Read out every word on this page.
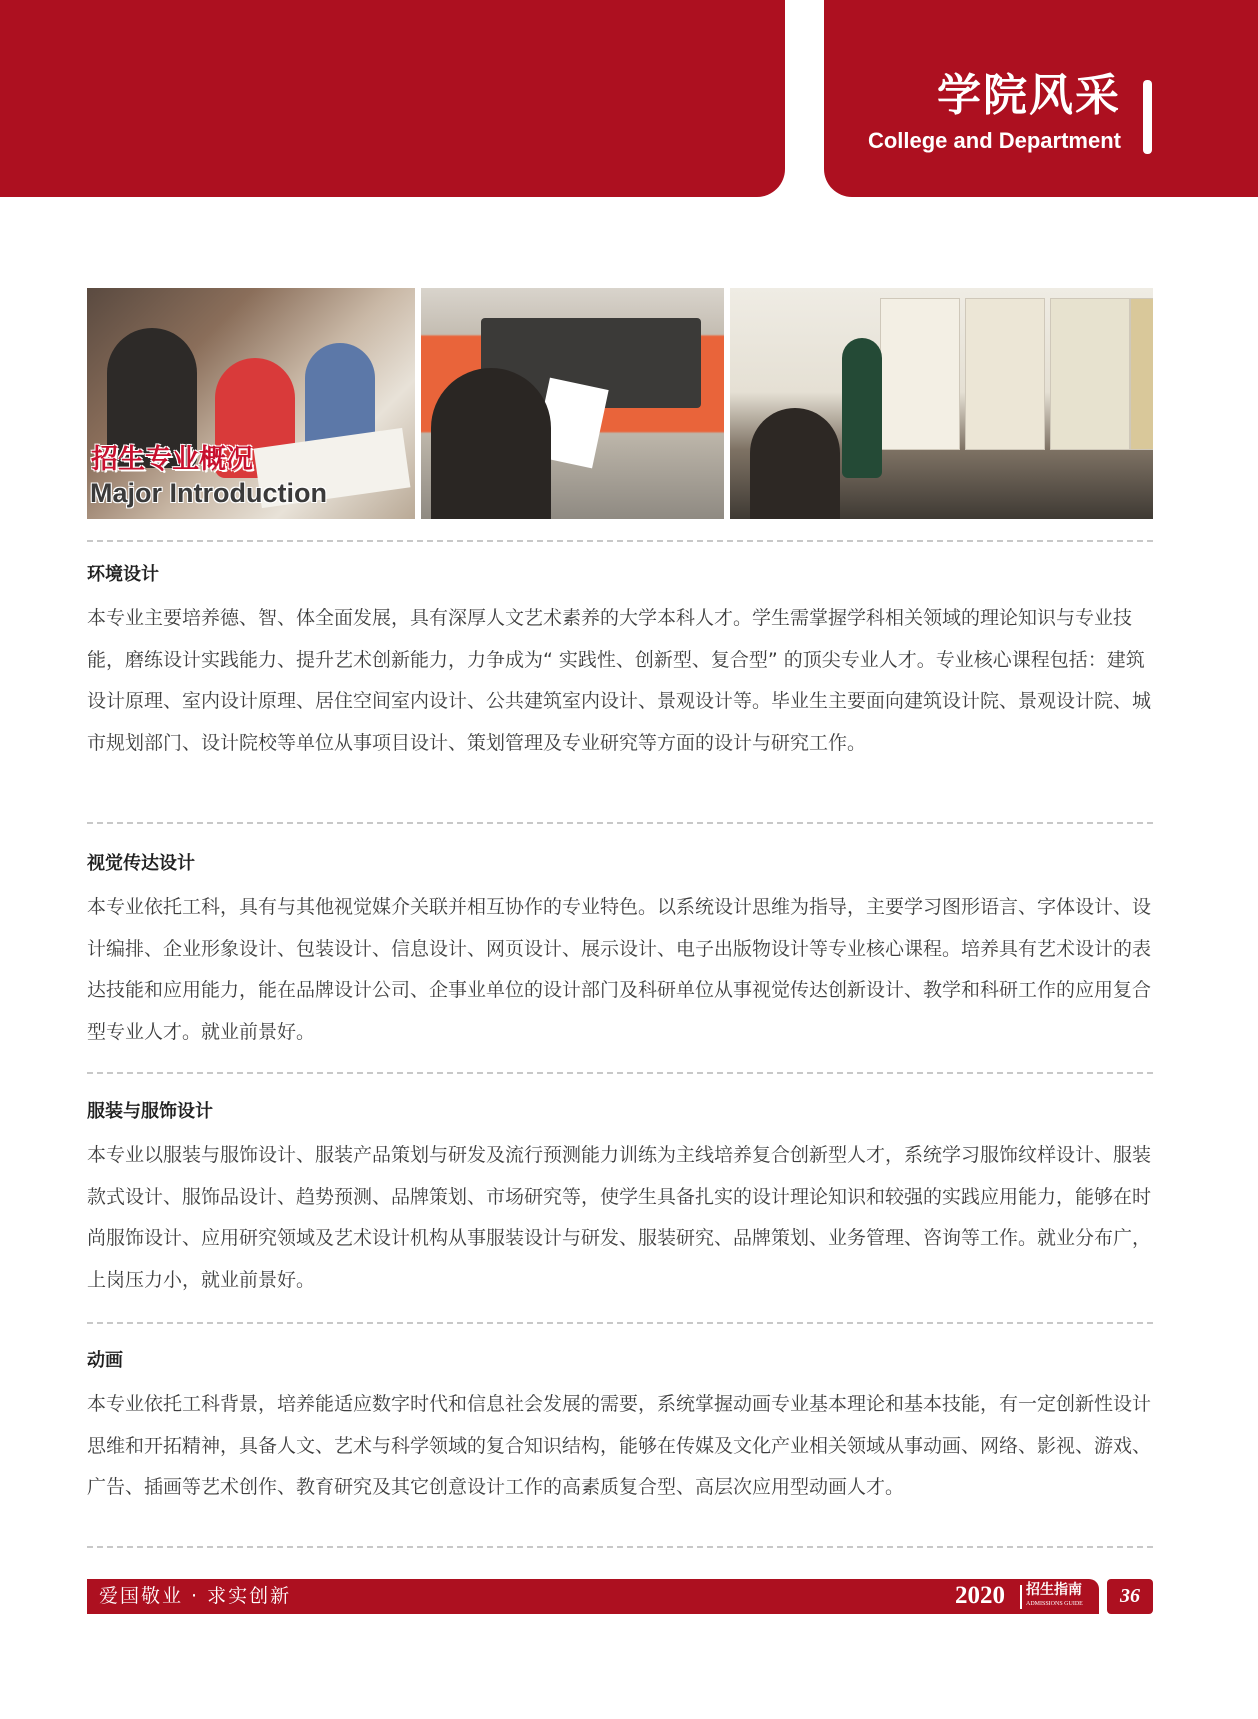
学院风采
College and Department
招生专业概况
Major Introduction
环境设计

本专业主要培养德、智、体全面发展，具有深厚人文艺术素养的大学本科人才。学生需掌握学科相关领域的理论知识与专业技能，磨练设计实践能力、提升艺术创新能力，力争成为“ 实践性、创新型、复合型” 的顶尖专业人才。专业核心课程包括：建筑设计原理、室内设计原理、居住空间室内设计、公共建筑室内设计、景观设计等。毕业生主要面向建筑设计院、景观设计院、城市规划部门、设计院校等单位从事项目设计、策划管理及专业研究等方面的设计与研究工作。

视觉传达设计

本专业依托工科，具有与其他视觉媒介关联并相互协作的专业特色。以系统设计思维为指导，主要学习图形语言、字体设计、设计编排、企业形象设计、包装设计、信息设计、网页设计、展示设计、电子出版物设计等专业核心课程。培养具有艺术设计的表达技能和应用能力，能在品牌设计公司、企事业单位的设计部门及科研单位从事视觉传达创新设计、教学和科研工作的应用复合型专业人才。就业前景好。

服装与服饰设计

本专业以服装与服饰设计、服装产品策划与研发及流行预测能力训练为主线培养复合创新型人才，系统学习服饰纹样设计、服装款式设计、服饰品设计、趋势预测、品牌策划、市场研究等，使学生具备扎实的设计理论知识和较强的实践应用能力，能够在时尚服饰设计、应用研究领域及艺术设计机构从事服装设计与研发、服装研究、品牌策划、业务管理、咨询等工作。就业分布广，上岗压力小，就业前景好。

动画

本专业依托工科背景，培养能适应数字时代和信息社会发展的需要，系统掌握动画专业基本理论和基本技能，有一定创新性设计思维和开拓精神，具备人文、艺术与科学领域的复合知识结构，能够在传媒及文化产业相关领域从事动画、网络、影视、游戏、广告、插画等艺术创作、教育研究及其它创意设计工作的高素质复合型、高层次应用型动画人才。

爱国敬业 · 求实创新	2020 招生指南
ADMISSIONS GUIDE	36
